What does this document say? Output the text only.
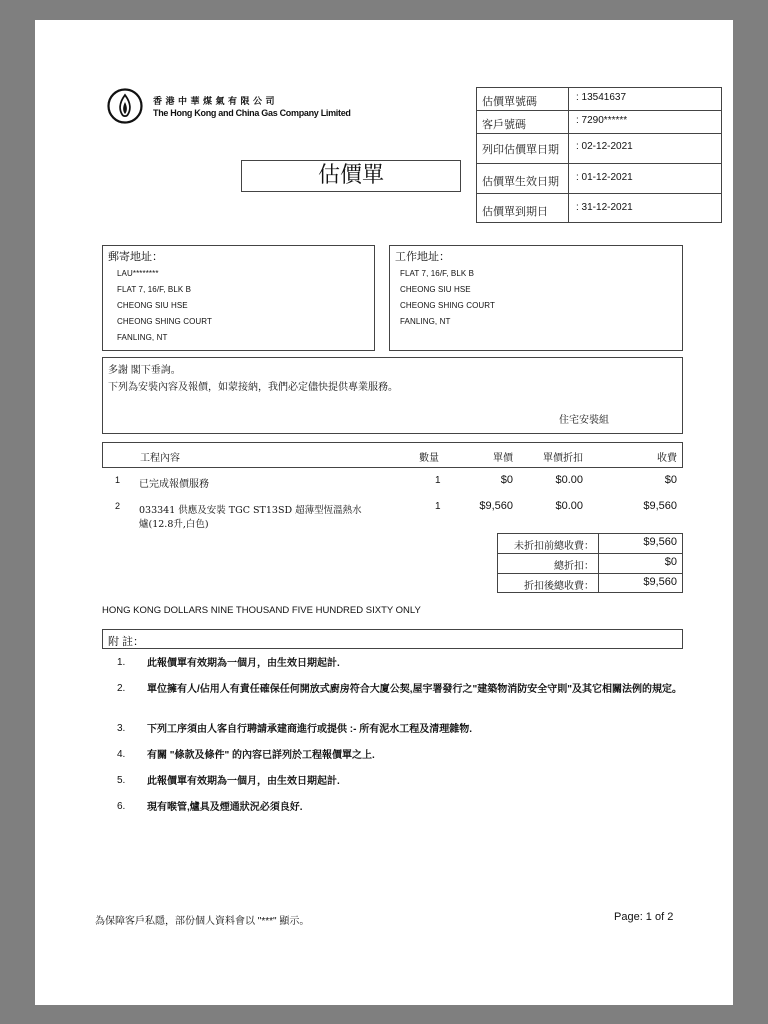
香 港 中 華 煤 氣 有 限 公 司
The Hong Kong and China Gas Company Limited
估價單
估價單號碼	: 13541637
客戶號碼	: 7290******
列印估價單日期 : 02-12-2021
估價單生效日期 : 01-12-2021
估價單到期日	: 31-12-2021
郵寄地址：
LAU********
FLAT 7, 16/F, BLK B
CHEONG SIU HSE
CHEONG SHING COURT
FANLING, NT
工作地址：
FLAT 7, 16/F, BLK B
CHEONG SIU HSE
CHEONG SHING COURT
FANLING, NT
多謝 閣下垂詢。
下列為安裝內容及報價，如蒙接納，我們必定儘快提供專業服務。
住宅安裝組
工程內容	數量	單價	單價折扣	收費
1 已完成報價服務	1	$0	$0.00	$0
2 033341 供應及安裝 TGC ST13SD 超薄型恆溫熱水
爐(12.8升,白色)
1	$9,560	$0.00	$9,560
未折扣前總收費：	$9,560
總折扣：	$0
折扣後總收費：	$9,560
HONG KONG DOLLARS NINE THOUSAND FIVE HUNDRED SIXTY ONLY
附 註：
1. 此報價單有效期為一個月，由生效日期起計.
2. 單位擁有人/佔用人有責任確保任何開放式廚房符合大廈公契,屋宇署發行之"建築物消防安全守則"及其它相關法例的規定。
3. 下列工序須由人客自行聘請承建商進行或提供 :- 所有泥水工程及清理雜物.
4. 有關 "條款及條件" 的內容已詳列於工程報價單之上.
5. 此報價單有效期為一個月，由生效日期起計.
6. 現有喉管,爐具及煙通狀況必須良好.
為保障客戶私隱，部份個人資料會以 "***" 顯示。	Page: 1 of 2
